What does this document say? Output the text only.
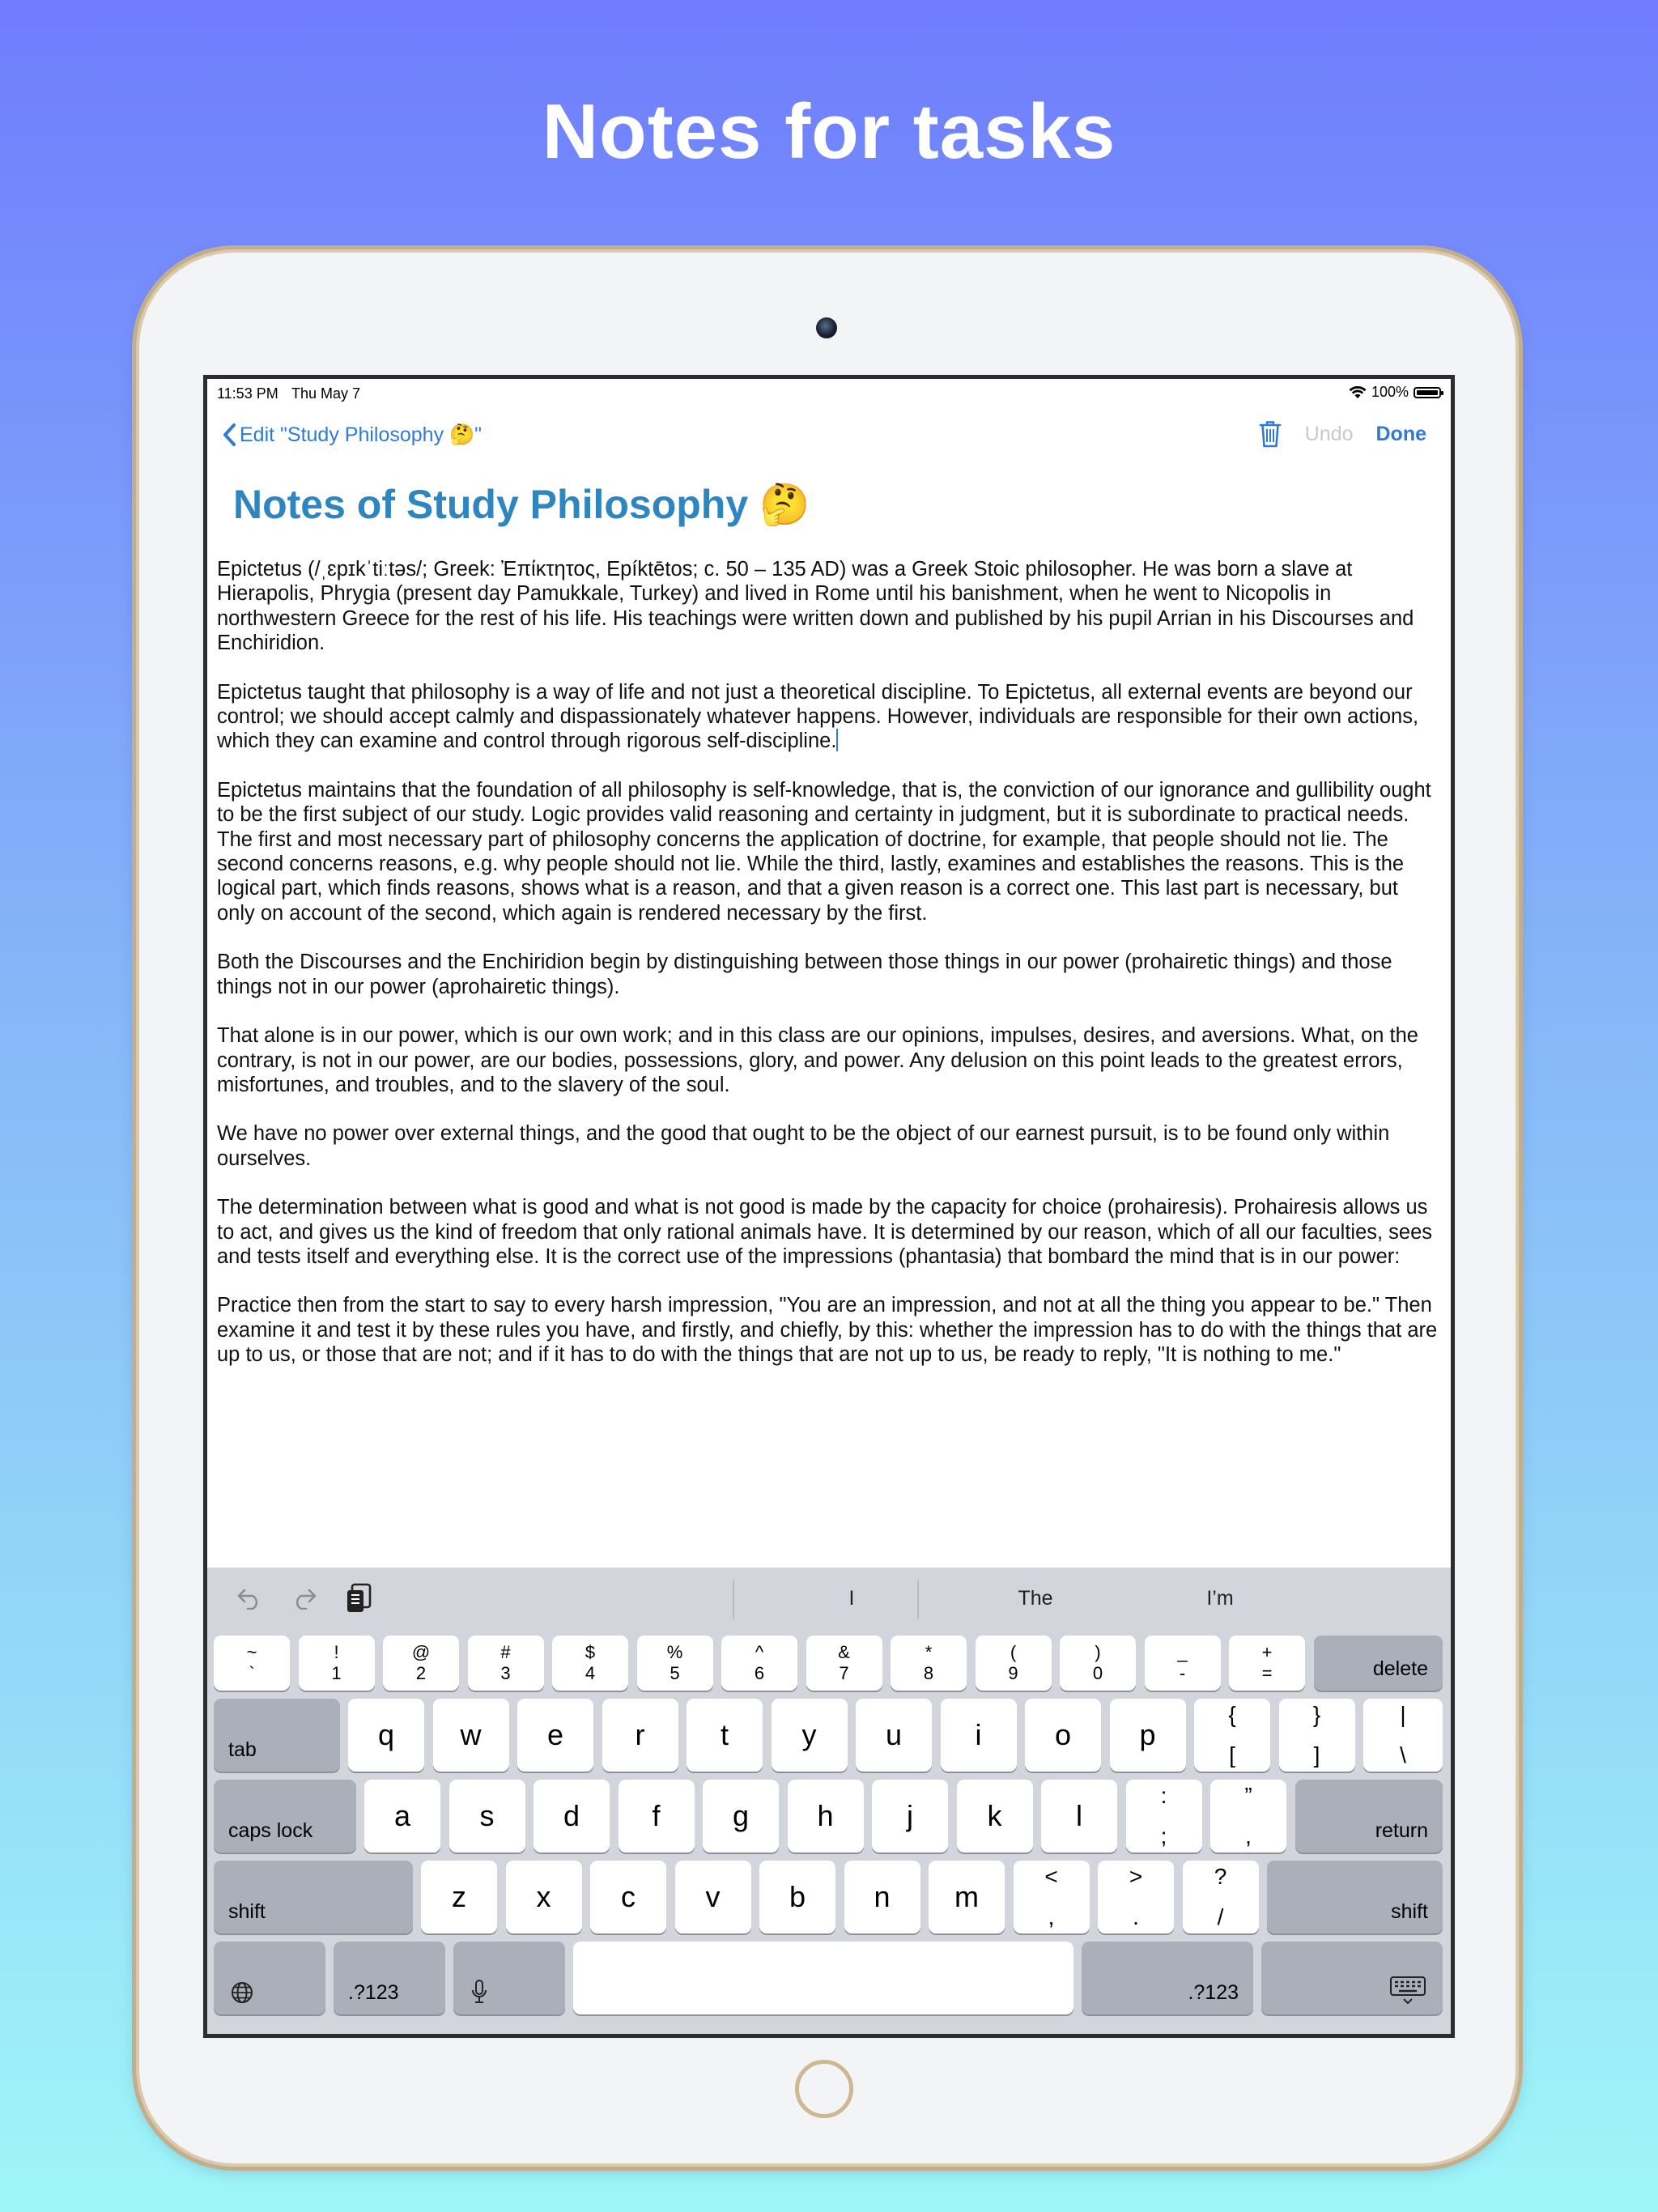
Notes for tasks
11:53 PM Thu May 7	100%
Edit "Study Philosophy 🤔"	Undo Done
Notes of Study Philosophy 🤔

Epictetus (/ˌɛpɪkˈtiːtəs/; Greek: Ἐπίκτητος, Epíktētos; c. 50 – 135 AD) was a Greek Stoic philosopher. He was born a slave at Hierapolis, Phrygia (present day Pamukkale, Turkey) and lived in Rome until his banishment, when he went to Nicopolis in northwestern Greece for the rest of his life. His teachings were written down and published by his pupil Arrian in his Discourses and Enchiridion.

Epictetus taught that philosophy is a way of life and not just a theoretical discipline. To Epictetus, all external events are beyond our control; we should accept calmly and dispassionately whatever happens. However, individuals are responsible for their own actions, which they can examine and control through rigorous self-discipline.

Epictetus maintains that the foundation of all philosophy is self-knowledge, that is, the conviction of our ignorance and gullibility ought to be the first subject of our study. Logic provides valid reasoning and certainty in judgment, but it is subordinate to practical needs. The first and most necessary part of philosophy concerns the application of doctrine, for example, that people should not lie. The second concerns reasons, e.g. why people should not lie. While the third, lastly, examines and establishes the reasons. This is the logical part, which finds reasons, shows what is a reason, and that a given reason is a correct one. This last part is necessary, but only on account of the second, which again is rendered necessary by the first.

Both the Discourses and the Enchiridion begin by distinguishing between those things in our power (prohairetic things) and those things not in our power (aprohairetic things).

That alone is in our power, which is our own work; and in this class are our opinions, impulses, desires, and aversions. What, on the contrary, is not in our power, are our bodies, possessions, glory, and power. Any delusion on this point leads to the greatest errors, misfortunes, and troubles, and to the slavery of the soul.

We have no power over external things, and the good that ought to be the object of our earnest pursuit, is to be found only within ourselves.

The determination between what is good and what is not good is made by the capacity for choice (prohairesis). Prohairesis allows us to act, and gives us the kind of freedom that only rational animals have. It is determined by our reason, which of all our faculties, sees and tests itself and everything else. It is the correct use of the impressions (phantasia) that bombard the mind that is in our power:

Practice then from the start to say to every harsh impression, "You are an impression, and not at all the thing you appear to be." Then examine it and test it by these rules you have, and firstly, and chiefly, by this: whether the impression has to do with the things that are up to us, or those that are not; and if it has to do with the things that are not up to us, be ready to reply, "It is nothing to me."

I	The	I’m
~
`
!
1
@
2
#
3
$
4
%
5
^
6
&
7
*
8
(
9
)
0
_
-
+
=	delete
tab	q	w	e	r	t	y	u	i	o	p
{
[
}
]
|
\
caps lock	a	s	d	f	g	h	j	k	l
:
;
”
,	return
shift	z	x	c	v	b	n	m
<
,
>
.
?
/	shift
.?123	.?123
